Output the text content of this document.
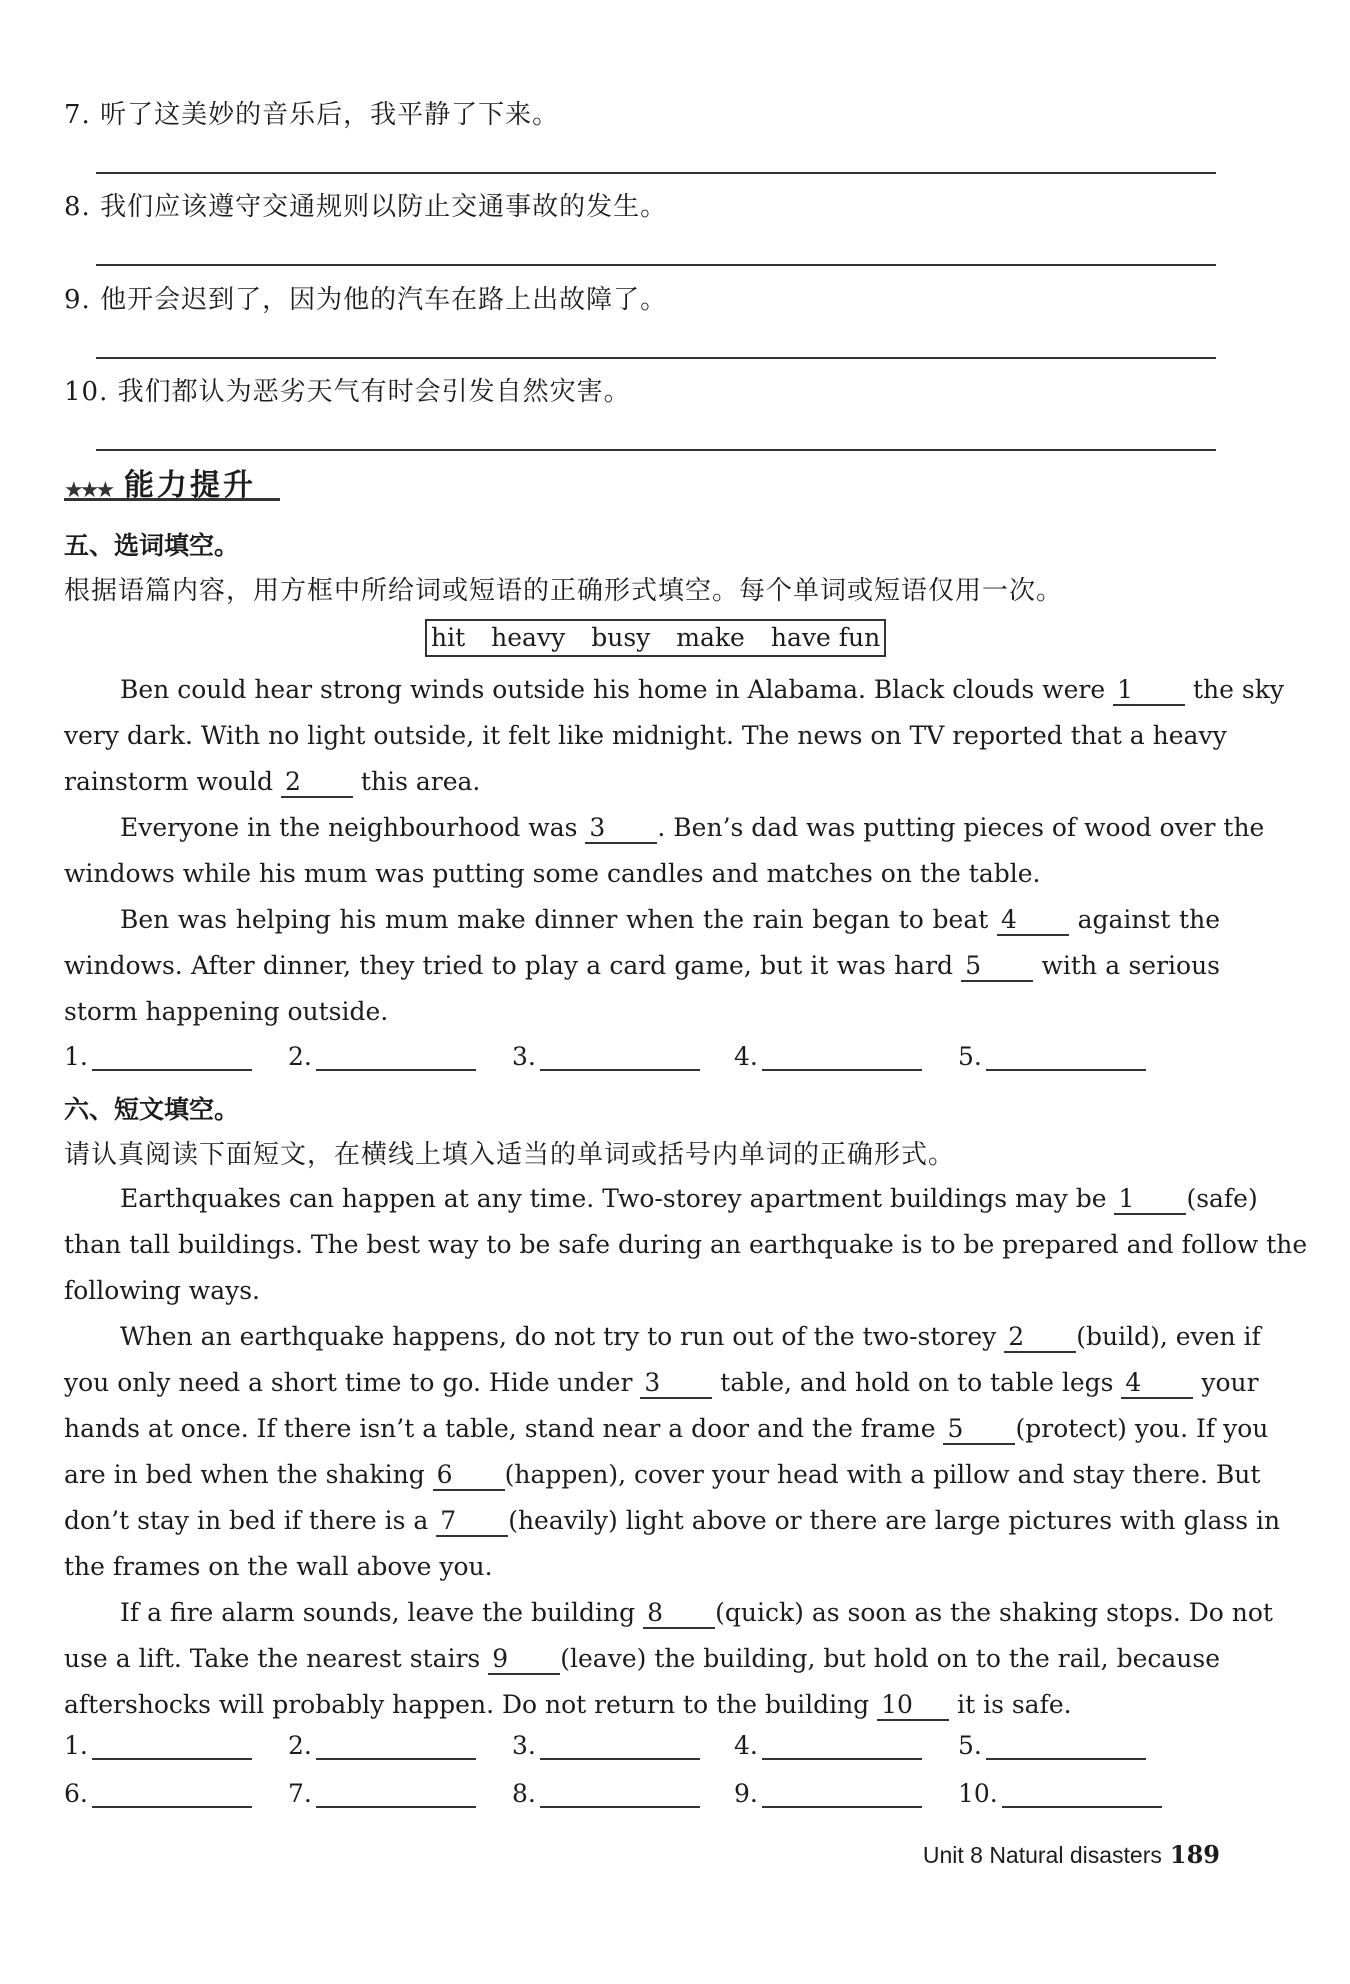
7. 听了这美妙的音乐后，我平静了下来。
8. 我们应该遵守交通规则以防止交通事故的发生。
9. 他开会迟到了，因为他的汽车在路上出故障了。
10. 我们都认为恶劣天气有时会引发自然灾害。
★★★ 能力提升
五、选词填空。
根据语篇内容，用方框中所给词或短语的正确形式填空。每个单词或短语仅用一次。
hit heavy busy make have fun
Ben could hear strong winds outside his home in Alabama. Black clouds were 1 the sky
very dark. With no light outside, it felt like midnight. The news on TV reported that a heavy
rainstorm would 2 this area.
Everyone in the neighbourhood was 3 . Ben’s dad was putting pieces of wood over the
windows while his mum was putting some candles and matches on the table.
Ben was helping his mum make dinner when the rain began to beat 4 against the
windows. After dinner, they tried to play a card game, but it was hard 5 with a serious
storm happening outside.
1.	2.	3.	4.	5.
六、短文填空。
请认真阅读下面短文，在横线上填入适当的单词或括号内单词的正确形式。
Earthquakes can happen at any time. Two-storey apartment buildings may be 1 (safe)
than tall buildings. The best way to be safe during an earthquake is to be prepared and follow the
following ways.
When an earthquake happens, do not try to run out of the two-storey 2 (build), even if
you only need a short time to go. Hide under 3 table, and hold on to table legs 4 your
hands at once. If there isn’t a table, stand near a door and the frame 5 (protect) you. If you
are in bed when the shaking 6 (happen), cover your head with a pillow and stay there. But
don’t stay in bed if there is a 7 (heavily) light above or there are large pictures with glass in
the frames on the wall above you.
If a fire alarm sounds, leave the building 8 (quick) as soon as the shaking stops. Do not
use a lift. Take the nearest stairs 9 (leave) the building, but hold on to the rail, because
aftershocks will probably happen. Do not return to the building 10 it is safe.
1.	2.	3.	4.	5.
6.	7.	8.	9.	10.
Unit 8 Natural disasters 189
